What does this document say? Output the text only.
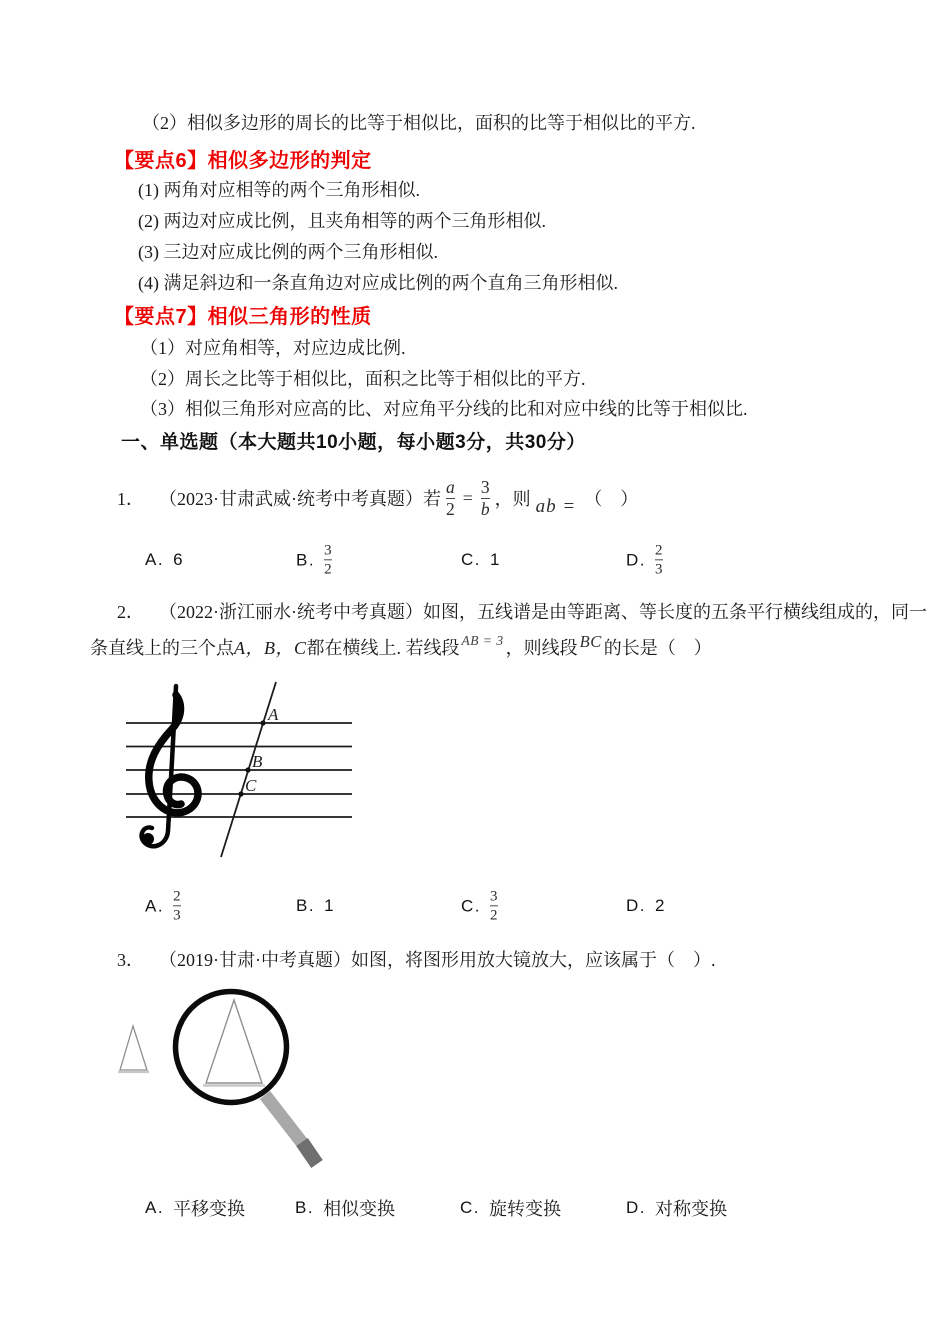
（2）相似多边形的周长的比等于相似比，面积的比等于相似比的平方.
【要点6】相似多边形的判定
(1) 两角对应相等的两个三角形相似.
(2) 两边对应成比例，且夹角相等的两个三角形相似.
(3) 三边对应成比例的两个三角形相似.
(4) 满足斜边和一条直角边对应成比例的两个直角三角形相似.
【要点7】相似三角形的性质
（1）对应角相等，对应边成比例.
（2）周长之比等于相似比，面积之比等于相似比的平方.
（3）相似三角形对应高的比、对应角平分线的比和对应中线的比等于相似比.
一、单选题（本大题共10小题，每小题3分，共30分）
1． （2023·甘肃武威·统考中考真题）若 $\frac{a}{2} = \frac{3}{b}$ ，则 ab = （　）
A. 6	B. $\frac{3}{2}$	C. 1	D. $\frac{2}{3}$
2． （2022·浙江丽水·统考中考真题）如图，五线谱是由等距离、等长度的五条平行横线组成的，同一
条直线上的三个点 A，B，C 都在横线上. 若线段 AB = 3 ，则线段 BC 的长是（　）
A
B
C
A. $\frac{2}{3}$	B. 1	C. $\frac{3}{2}$	D. 2
3． （2019·甘肃·中考真题）如图，将图形用放大镜放大，应该属于（　）.
A. 平移变换	B. 相似变换	C. 旋转变换	D. 对称变换
